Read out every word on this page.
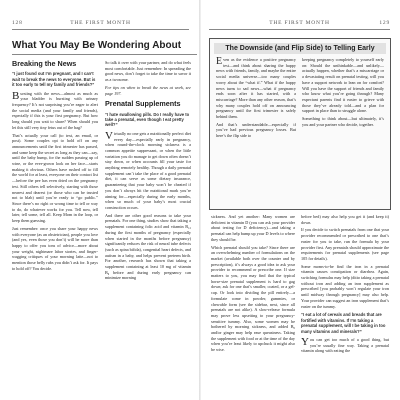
128	THE FIRST MONTH
What You May Be Wondering About
Breaking the News
“I just found out I’m pregnant, and I can’t wait to break the news to everyone. But is it too early to tell my family and friends?”

Bursting with the news—almost as much as your bladder is bursting with urinary frequency? It’s not surprising you’re eager to alert the social media (and your family and friends), especially if this is your first pregnancy. But how long should you wait to share? When should you let this still very tiny fetus out of the bag?

That’s actually your call (to text, an email, or post). Some couples opt to hold off on any announcements until the first trimester has passed, and some keep the secret as long as they can—say, until the baby bump, for the sudden passing up of wine, or the ever-grown look on her face—starts making it obvious. Others have rushed off to fill the world for at least, everyone on their contact list—before the pee has even dried on the pregnancy test. Still others tell selectively, starting with those nearest and dearest (or those who can be trusted not to blab) until you’re ready to “go public.” Since there’s no right or wrong time to tell or way to do, do whatever works for you. Tell now, tell later, tell some, tell all. Keep Mom in the loop, or keep them guessing.

Just remember: once you share your happy news with everyone (as an obstetrician), people you love (and yes, even those you don’t) will be more than happy to offer you tons of advice—more about your weight, nightmare labor stories, and finger-wagging critiques of your morning latte—not to mention those belly rubs you didn’t ask for. It pays to hold off? You decide.

So talk it over with your partner, and do what feels most comfortable. Just remember: In spreading the good news, don’t forget to take the time to savor it as a twosome.

For tips on when to break the news at work, see page 197.

Prenatal Supplements
“I hate swallowing pills. Do I really have to take a prenatal, even though I eat pretty well?”

Virtually no one gets a nutritionally perfect diet every day—especially early in pregnancy, when round-the-clock morning sickness is a common appetite suppressant, or when the little variation you do manage to get down often doesn’t stay down, or when accounts fill your taste for anything remotely healthy. Though a daily prenatal supplement can’t take the place of a good prenatal diet, it can serve as some dietary insurance, guaranteeing that your baby won’t be cheated if you don’t always hit the nutritional mark you’re aiming for—especially during the early months, when so much of your baby’s most crucial construction occurs.

And there are other good reasons to take your prenatals. For one thing, studies show that taking a supplement containing folic acid and vitamin B₁₂ during the first months of pregnancy (especially when started in the months before pregnancy) significantly reduces the risk of neural tube defects (such as spina bifida), congenital heart defects, and autism in a baby, and helps prevent preterm birth. For another, research has shown that taking a supplement containing at least 10 mg of vitamin B₆ before and during early pregnancy can minimize morning

THE FIRST MONTH	129
The Downside (and Flip Side) to Telling Early

Even as the evidence a positive pregnancy test—and think about sharing the happy news with friends, family, and maybe the entire social media universe—too many couples worry about the “what if.” What if the happy news turns to sad news—what if pregnancy ends soon after it has started, with a miscarriage? More than any other reason, that’s why many couples hold off on announcing pregnancy until the first trimester is safely behind them.

And that’s understandable—especially if you’ve had previous pregnancy losses. But here’s the flip side to

keeping pregnancy completely to yourself early on: Should the unthinkable—and unlikely—actually happen, whether that’s a miscarriage or a devastating result on prenatal testing, will you have a support network to lean on for comfort? Will you have the support of friends and family who know what you’re going through? Many expectant parents find it easier to grieve with those they’ve already told—and a plan for support in place than to struggle alone.

Something to think about—but ultimately, it’s you and your partner who decide, together.

sickness. And yet another: Many women are deficient in vitamin D (you can ask your provider about testing for D deficiency)—and taking a prenatal can help bump up your D levels to where they should be.

Which prenatal should you take? Since there are an overwhelming number of formulations on the market (available both over the counter and by prescription), it’s always a good idea to ask your provider to recommend or prescribe one. If size matters to you, you may find that the typical horse-size prenatal supplement is hard to gag down; ask for one that’s smaller, coated, or a gel-cap. Or look into dividing the pill entirely—a formulate come in powder, gummies, or chewable form (see the sidebar, next, since all prenatals are not alike). A slow-release formula may prove less upsetting to your pregnancy-sensitive tummy. Also, some women may be bothered by morning sickness, and added B₆ and/or ginger may help ease queasiness. Taking the supplement with food or at the time of the day when you’re least likely to upchuck it might also be wise.

before bed) may also help you get it (and keep it) down.

If you decide to switch prenatals from one that your provider recommended or prescribed to one that’s easier for you to take, run the formula by your provider first. Any prenatals should approximate the requirements for prenatal supplements (see page 105 for details).

Some moms-to-be find the iron in a prenatal vitamin causes constipation or diarrhea. Again, switching formulas may help (ditto taking a prenatal without iron and adding an iron supplement as prescribed [you probably won’t regulate your iron until midway through pregnancy] may also help. Your provider can suggest an iron supplement that’s easier on the tummy.

“I eat a lot of cereals and breads that are fortified with vitamins. If I’m taking a prenatal supplement, will I be taking in too many vitamins and minerals?”

You can get too much of a good thing, but you’re usually fine way. Taking a prenatal vitamin along with eating the
